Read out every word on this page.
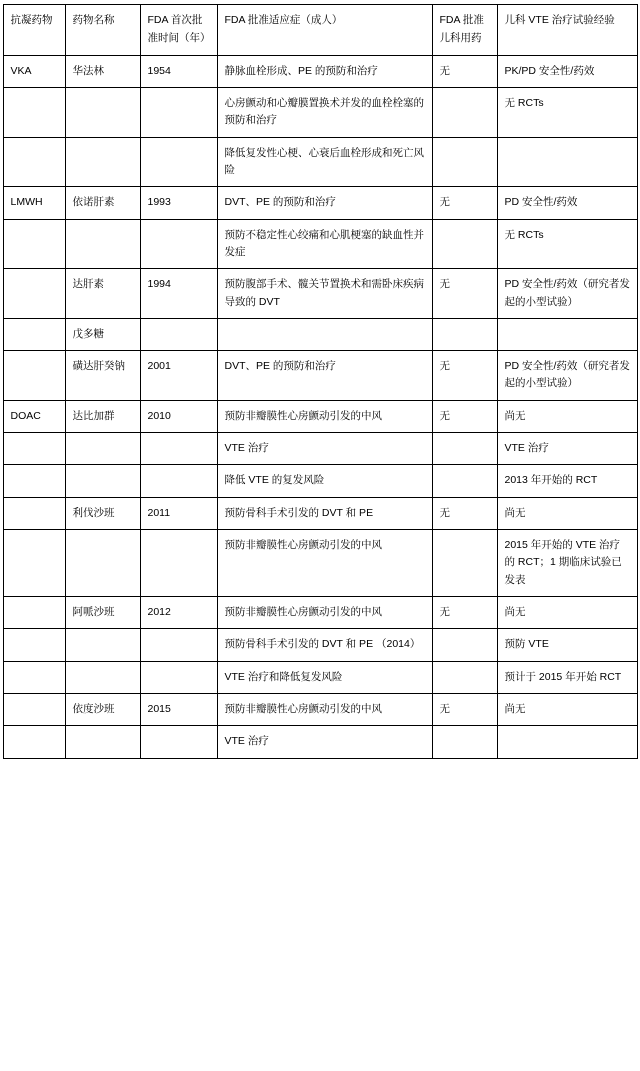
抗凝药物	药物名称	FDA 首次批准时间（年）	FDA 批准适应症（成人）	FDA 批准儿科用药	儿科 VTE 治疗试验经验
VKA	华法林	1954	静脉血栓形成、PE 的预防和治疗	无	PK/PD 安全性/药效
			心房颤动和心瓣膜置换术并发的血栓栓塞的预防和治疗		无 RCTs
			降低复发性心梗、心衰后血栓形成和死亡风险		
LMWH	依诺肝素	1993	DVT、PE 的预防和治疗	无	PD 安全性/药效
			预防不稳定性心绞痛和心肌梗塞的缺血性并发症		无 RCTs
	达肝素	1994	预防腹部手术、髋关节置换术和需卧床疾病导致的 DVT	无	PD 安全性/药效（研究者发起的小型试验）
	戊多糖				
	磺达肝癸钠	2001	DVT、PE 的预防和治疗	无	PD 安全性/药效（研究者发起的小型试验）
DOAC	达比加群	2010	预防非瓣膜性心房颤动引发的中风	无	尚无
			VTE 治疗		VTE 治疗
			降低 VTE 的复发风险		2013 年开始的 RCT
	利伐沙班	2011	预防骨科手术引发的 DVT 和 PE	无	尚无
			预防非瓣膜性心房颤动引发的中风		2015 年开始的 VTE 治疗的 RCT；1 期临床试验已发表
	阿哌沙班	2012	预防非瓣膜性心房颤动引发的中风	无	尚无
			预防骨科手术引发的 DVT 和 PE （2014）		预防 VTE
			VTE 治疗和降低复发风险		预计于 2015 年开始 RCT
	依度沙班	2015	预防非瓣膜性心房颤动引发的中风	无	尚无
			VTE 治疗		
